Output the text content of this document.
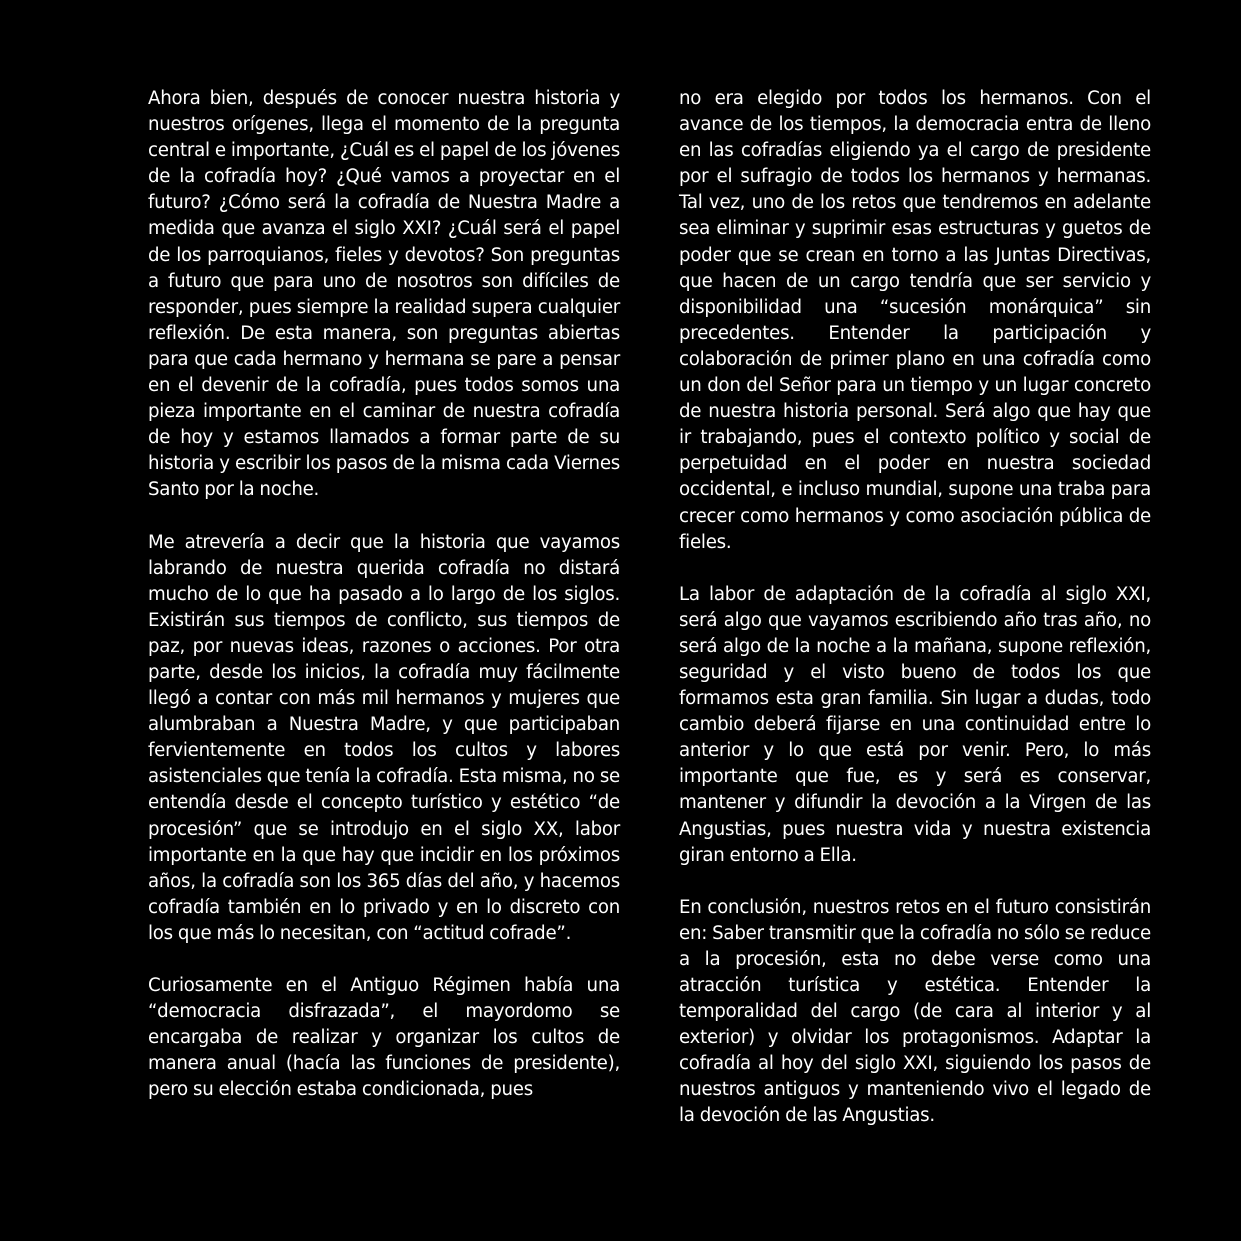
Ahora bien, después de conocer nuestra historia y nuestros orígenes, llega el momento de la pregunta central e importante, ¿Cuál es el papel de los jóvenes de la cofradía hoy? ¿Qué vamos a proyectar en el futuro? ¿Cómo será la cofradía de Nuestra Madre a medida que avanza el siglo XXI? ¿Cuál será el papel de los parroquianos, fieles y devotos? Son preguntas a futuro que para uno de nosotros son difíciles de responder, pues siempre la realidad supera cualquier reflexión. De esta manera, son preguntas abiertas para que cada hermano y hermana se pare a pensar en el devenir de la cofradía, pues todos somos una pieza importante en el caminar de nuestra cofradía de hoy y estamos llamados a formar parte de su historia y escribir los pasos de la misma cada Viernes Santo por la noche.

Me atrevería a decir que la historia que vayamos labrando de nuestra querida cofradía no distará mucho de lo que ha pasado a lo largo de los siglos. Existirán sus tiempos de conflicto, sus tiempos de paz, por nuevas ideas, razones o acciones. Por otra parte, desde los inicios, la cofradía muy fácilmente llegó a contar con más mil hermanos y mujeres que alumbraban a Nuestra Madre, y que participaban fervientemente en todos los cultos y labores asistenciales que tenía la cofradía. Esta misma, no se entendía desde el concepto turístico y estético “de procesión” que se introdujo en el siglo XX, labor importante en la que hay que incidir en los próximos años, la cofradía son los 365 días del año, y hacemos cofradía también en lo privado y en lo discreto con los que más lo necesitan, con “actitud cofrade”.

Curiosamente en el Antiguo Régimen había una “democracia disfrazada”, el mayordomo se encargaba de realizar y organizar los cultos de manera anual (hacía las funciones de presidente), pero su elección estaba condicionada, pues

no era elegido por todos los hermanos. Con el avance de los tiempos, la democracia entra de lleno en las cofradías eligiendo ya el cargo de presidente por el sufragio de todos los hermanos y hermanas. Tal vez, uno de los retos que tendremos en adelante sea eliminar y suprimir esas estructuras y guetos de poder que se crean en torno a las Juntas Directivas, que hacen de un cargo tendría que ser servicio y disponibilidad una “sucesión monárquica” sin precedentes. Entender la participación y colaboración de primer plano en una cofradía como un don del Señor para un tiempo y un lugar concreto de nuestra historia personal. Será algo que hay que ir trabajando, pues el contexto político y social de perpetuidad en el poder en nuestra sociedad occidental, e incluso mundial, supone una traba para crecer como hermanos y como asociación pública de fieles.

La labor de adaptación de la cofradía al siglo XXI, será algo que vayamos escribiendo año tras año, no será algo de la noche a la mañana, supone reflexión, seguridad y el visto bueno de todos los que formamos esta gran familia. Sin lugar a dudas, todo cambio deberá fijarse en una continuidad entre lo anterior y lo que está por venir. Pero, lo más importante que fue, es y será es conservar, mantener y difundir la devoción a la Virgen de las Angustias, pues nuestra vida y nuestra existencia giran entorno a Ella.

En conclusión, nuestros retos en el futuro consistirán en: Saber transmitir que la cofradía no sólo se reduce a la procesión, esta no debe verse como una atracción turística y estética. Entender la temporalidad del cargo (de cara al interior y al exterior) y olvidar los protagonismos. Adaptar la cofradía al hoy del siglo XXI, siguiendo los pasos de nuestros antiguos y manteniendo vivo el legado de la devoción de las Angustias.
